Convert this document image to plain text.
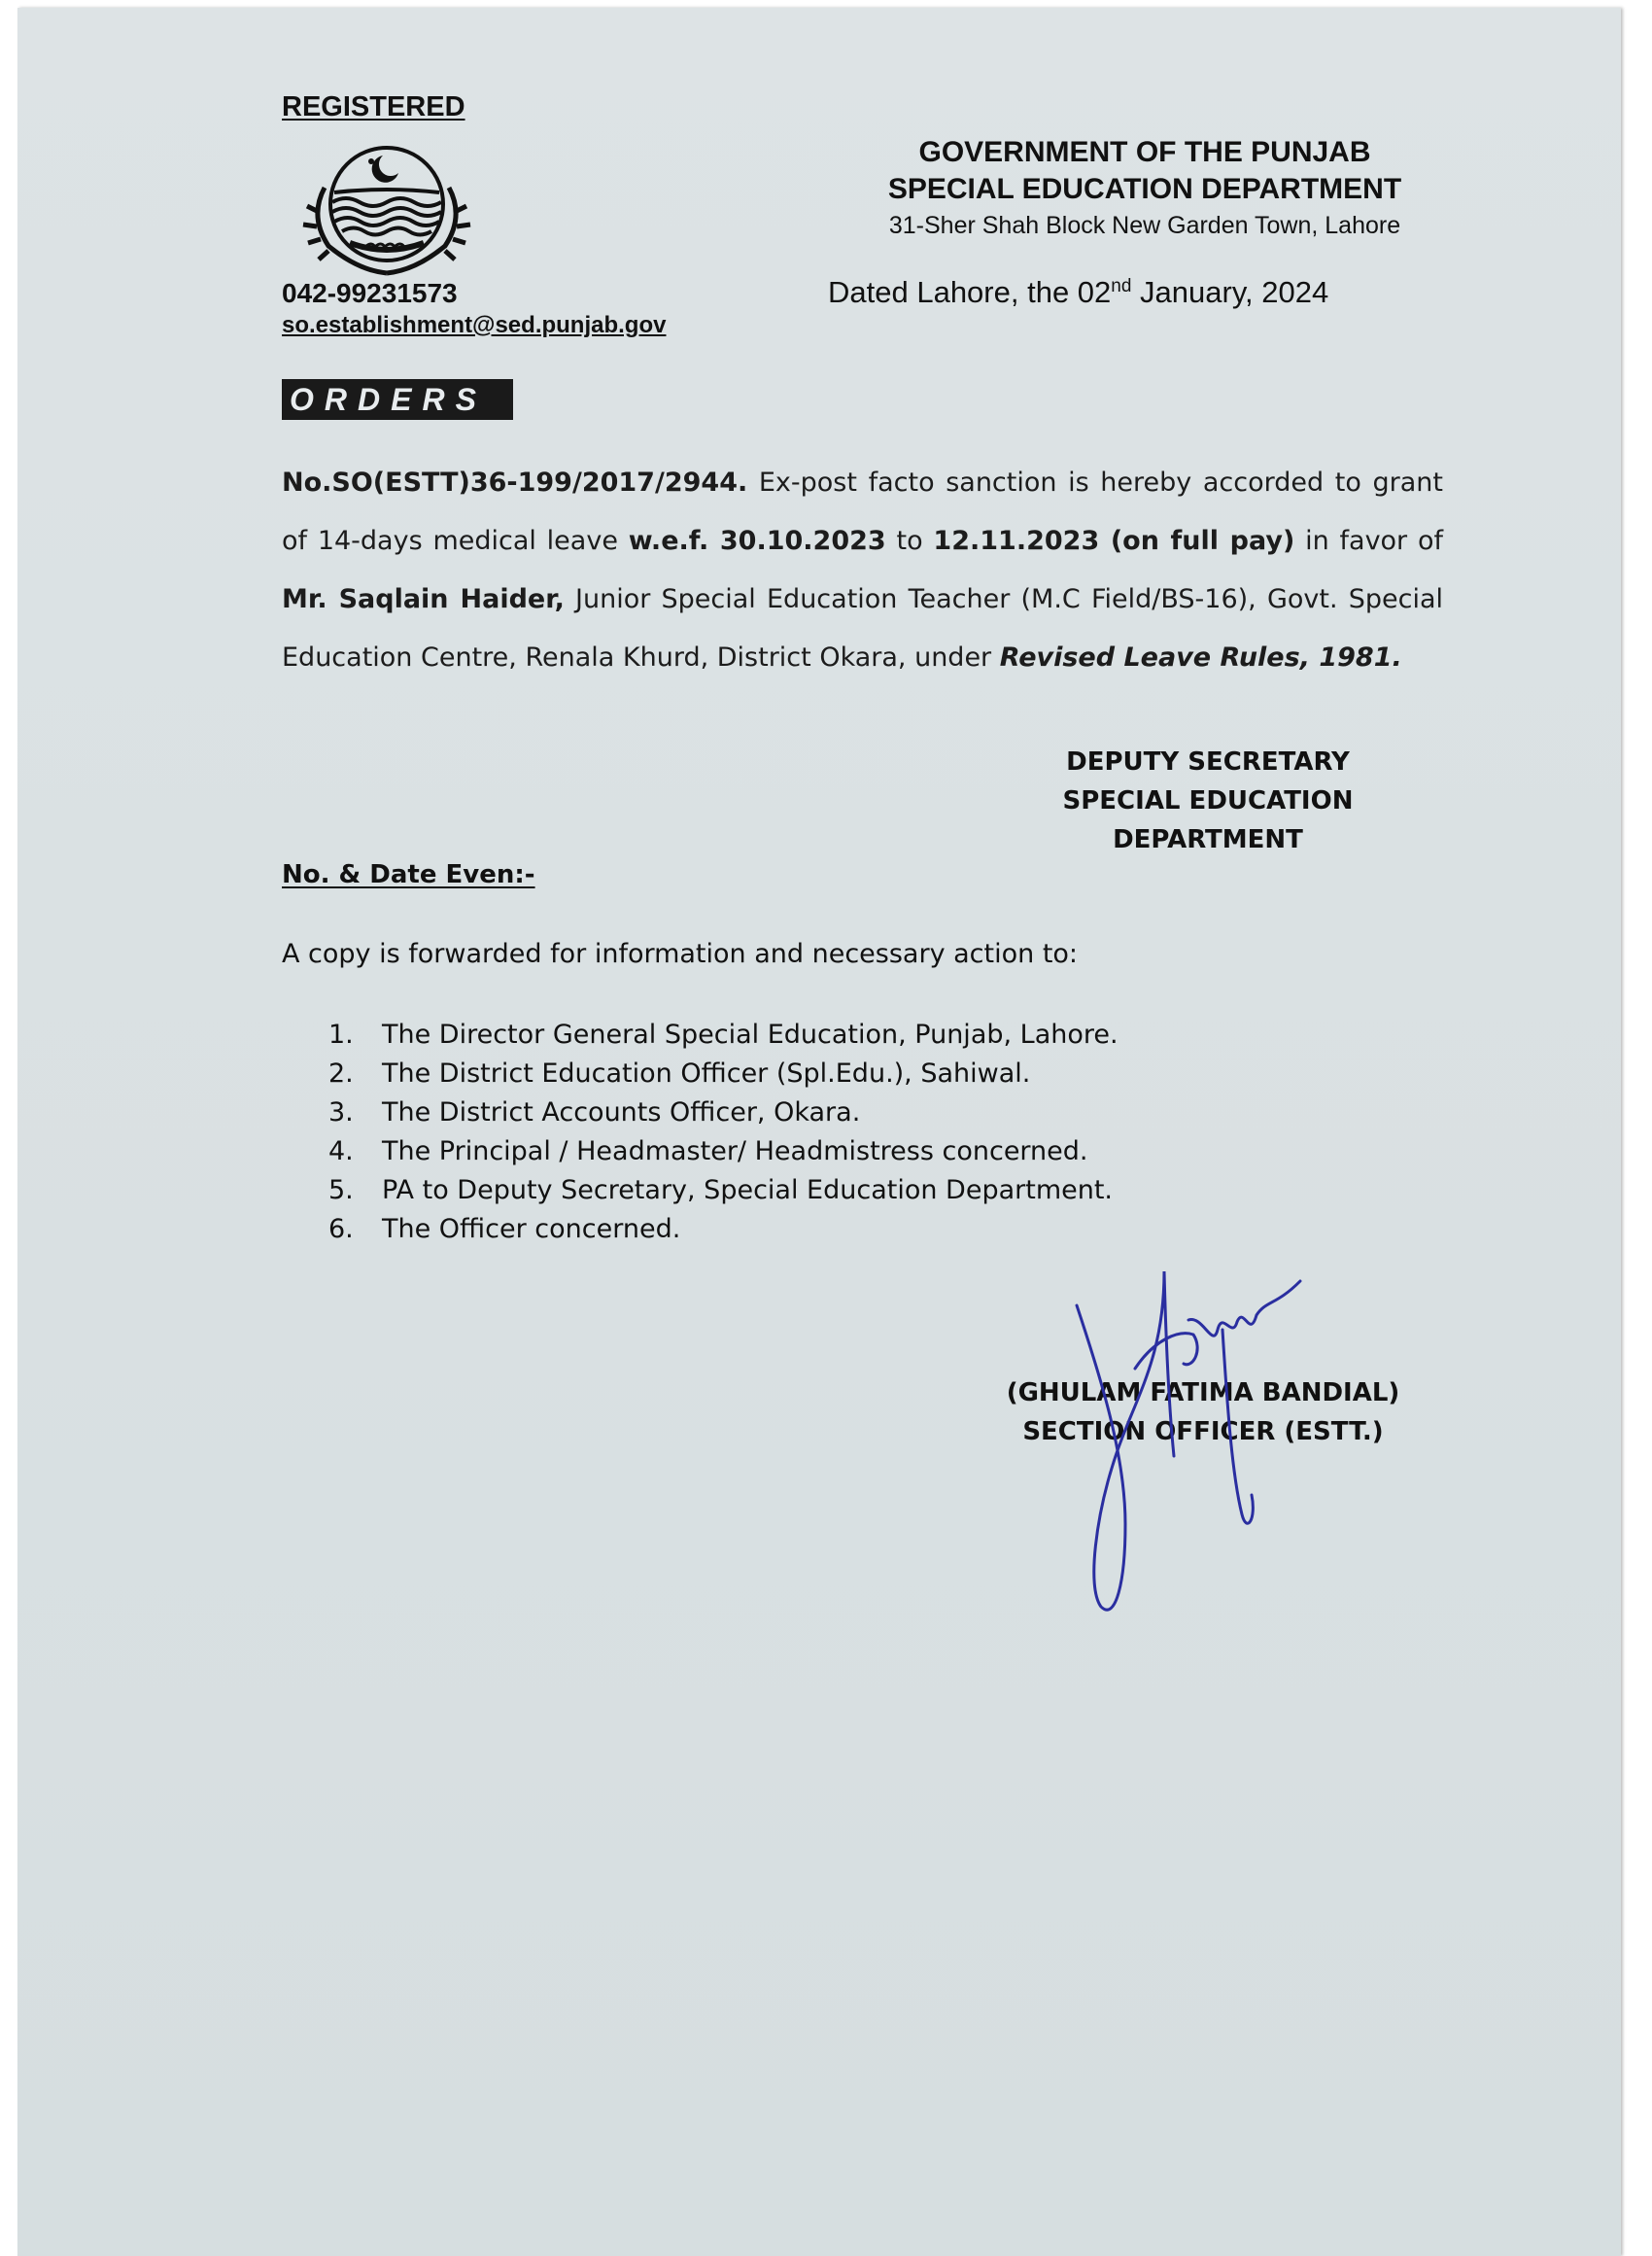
REGISTERED
042-99231573
so.establishment@sed.punjab.gov
GOVERNMENT OF THE PUNJAB
SPECIAL EDUCATION DEPARTMENT
31-Sher Shah Block New Garden Town, Lahore
Dated Lahore, the 02nd January, 2024
ORDERS
No.SO(ESTT)36-199/2017/2944. Ex-post facto sanction is hereby accorded to grant of 14-days medical leave w.e.f. 30.10.2023 to 12.11.2023 (on full pay) in favor of Mr. Saqlain Haider, Junior Special Education Teacher (M.C Field/BS-16), Govt. Special Education Centre, Renala Khurd, District Okara, under Revised Leave Rules, 1981.
DEPUTY SECRETARY
SPECIAL EDUCATION
DEPARTMENT
No. & Date Even:-
A copy is forwarded for information and necessary action to:
1.	The Director General Special Education, Punjab, Lahore.
2.	The District Education Officer (Spl.Edu.), Sahiwal.
3.	The District Accounts Officer, Okara.
4.	The Principal / Headmaster/ Headmistress concerned.
5.	PA to Deputy Secretary, Special Education Department.
6.	The Officer concerned.
(GHULAM FATIMA BANDIAL)
SECTION OFFICER (ESTT.)
